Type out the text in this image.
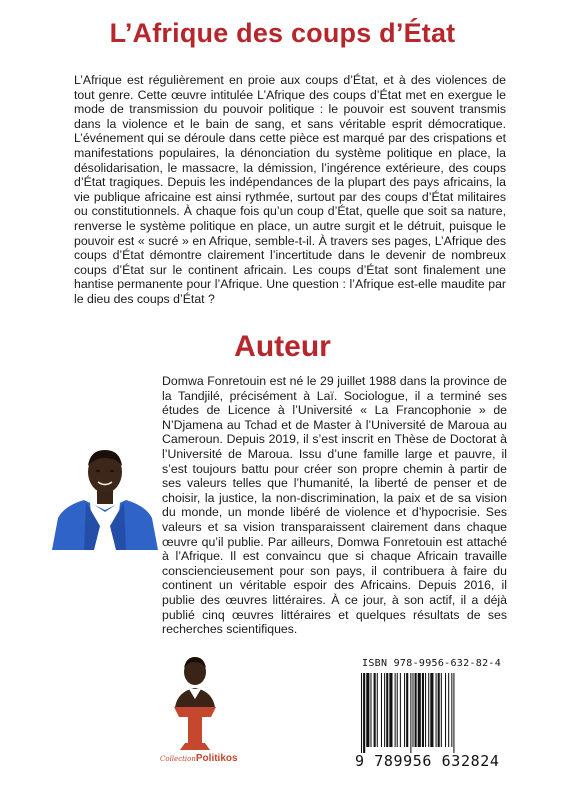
L’Afrique des coups d’État

L’Afrique est régulièrement en proie aux coups d’État, et à des violences de tout genre. Cette œuvre intitulée L’Afrique des coups d’État met en exergue le mode de transmission du pouvoir politique : le pouvoir est souvent transmis dans la violence et le bain de sang, et sans véritable esprit démocratique. L’événement qui se déroule dans cette pièce est marqué par des crispations et manifestations populaires, la dénonciation du système politique en place, la désolidarisation, le massacre, la démission, l’ingérence extérieure, des coups d’État tragiques. Depuis les indépendances de la plupart des pays africains, la vie publique africaine est ainsi rythmée, surtout par des coups d’État militaires ou constitutionnels. À chaque fois qu’un coup d’État, quelle que soit sa nature, renverse le système politique en place, un autre surgit et le détruit, puisque le pouvoir est « sucré » en Afrique, semble-t-il. À travers ses pages, L’Afrique des coups d’État démontre clairement l’incertitude dans le devenir de nombreux coups d’État sur le continent africain. Les coups d’État sont finalement une hantise permanente pour l’Afrique. Une question : l’Afrique est-elle maudite par le dieu des coups d’État ?

Auteur

Domwa Fonretouin est né le 29 juillet 1988 dans la province de la Tandjilé, précisément à Laï. Sociologue, il a terminé ses études de Licence à l’Université « La Francophonie » de N’Djamena au Tchad et de Master à l’Université de Maroua au Cameroun. Depuis 2019, il s’est inscrit en Thèse de Doctorat à l’Université de Maroua. Issu d’une famille large et pauvre, il s’est toujours battu pour créer son propre chemin à partir de ses valeurs telles que l’humanité, la liberté de penser et de choisir, la justice, la non-discrimination, la paix et de sa vision du monde, un monde libéré de violence et d’hypocrisie. Ses valeurs et sa vision transparaissent clairement dans chaque œuvre qu’il publie. Par ailleurs, Domwa Fonretouin est attaché à l’Afrique. Il est convaincu que si chaque Africain travaille consciencieusement pour son pays, il contribuera à faire du continent un véritable espoir des Africains. Depuis 2016, il publie des œuvres littéraires. À ce jour, à son actif, il a déjà publié cinq œuvres littéraires et quelques résultats de ses recherches scientifiques.

CollectionPolitikos
ISBN 978-9956-632-82-4
9 789956 632824
